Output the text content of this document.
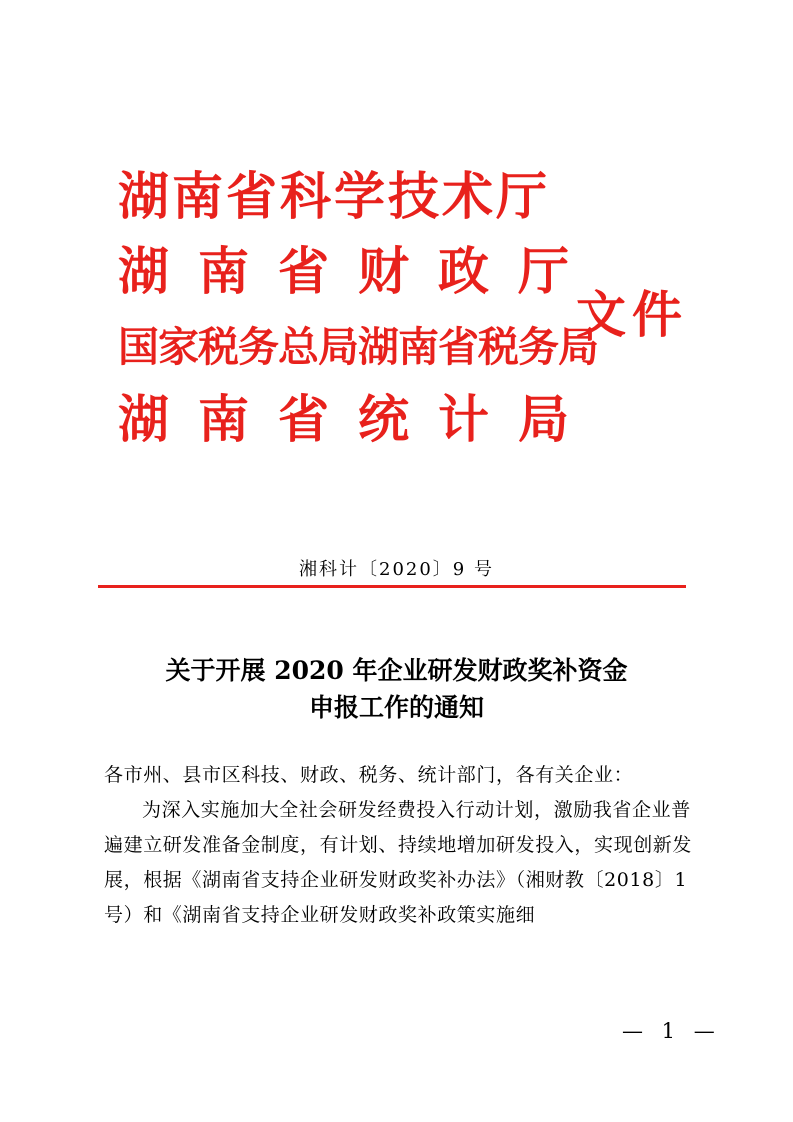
湖南省科学技术厅
湖南省财政厅
国家税务总局湖南省税务局
湖南省统计局
文件
湘科计〔2020〕9 号
关于开展 2020 年企业研发财政奖补资金
申报工作的通知

各市州、县市区科技、财政、税务、统计部门，各有关企业：

为深入实施加大全社会研发经费投入行动计划，激励我省企业普遍建立研发准备金制度，有计划、持续地增加研发投入，实现创新发展，根据《湖南省支持企业研发财政奖补办法》（湘财教〔2018〕1 号）和《湖南省支持企业研发财政奖补政策实施细

— 1 —
